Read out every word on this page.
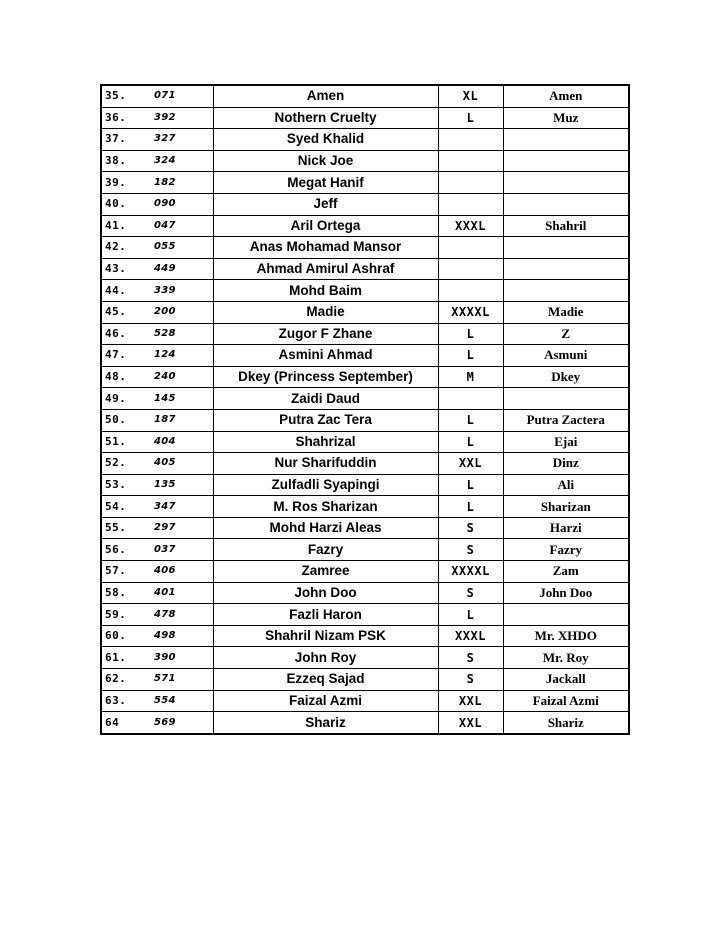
35.	071	Amen	XL	Amen
36.	392	Nothern Cruelty	L	Muz
37.	327	Syed Khalid		
38.	324	Nick Joe		
39.	182	Megat Hanif		
40.	090	Jeff		
41.	047	Aril Ortega	XXXL	Shahril
42.	055	Anas Mohamad Mansor		
43.	449	Ahmad Amirul Ashraf		
44.	339	Mohd Baim		
45.	200	Madie	XXXXL	Madie
46.	528	Zugor F Zhane	L	Z
47.	124	Asmini Ahmad	L	Asmuni
48.	240	Dkey (Princess September)	M	Dkey
49.	145	Zaidi Daud		
50.	187	Putra Zac Tera	L	Putra Zactera
51.	404	Shahrizal	L	Ejai
52.	405	Nur Sharifuddin	XXL	Dinz
53.	135	Zulfadli Syapingi	L	Ali
54.	347	M. Ros Sharizan	L	Sharizan
55.	297	Mohd Harzi Aleas	S	Harzi
56.	037	Fazry	S	Fazry
57.	406	Zamree	XXXXL	Zam
58.	401	John Doo	S	John Doo
59.	478	Fazli Haron	L	
60.	498	Shahril Nizam PSK	XXXL	Mr. XHDO
61.	390	John Roy	S	Mr. Roy
62.	571	Ezzeq Sajad	S	Jackall
63.	554	Faizal Azmi	XXL	Faizal Azmi
64	569	Shariz	XXL	Shariz
